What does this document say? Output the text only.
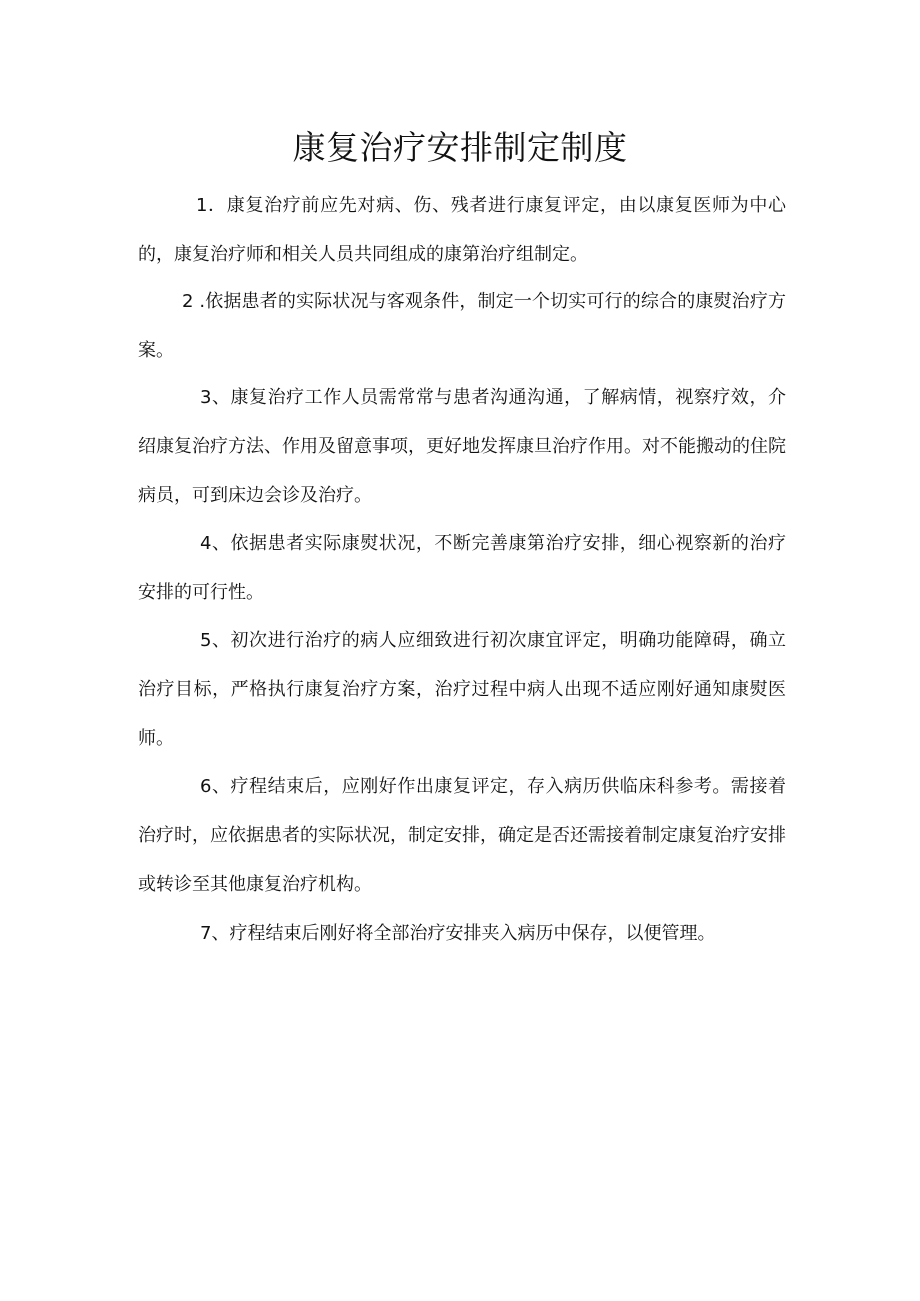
康复治疗安排制定制度

1．康复治疗前应先对病、伤、残者进行康复评定，由以康复医师为中心的，康复治疗师和相关人员共同组成的康第治疗组制定。

2 .依据患者的实际状况与客观条件，制定一个切实可行的综合的康熨治疗方案。

3、康复治疗工作人员需常常与患者沟通沟通，了解病情，视察疗效，介绍康复治疗方法、作用及留意事项，更好地发挥康旦治疗作用。对不能搬动的住院病员，可到床边会诊及治疗。

4、依据患者实际康熨状况，不断完善康第治疗安排，细心视察新的治疗安排的可行性。

5、初次进行治疗的病人应细致进行初次康宜评定，明确功能障碍，确立治疗目标，严格执行康复治疗方案，治疗过程中病人出现不适应刚好通知康熨医师。

6、疗程结束后，应刚好作出康复评定，存入病历供临床科参考。需接着治疗时，应依据患者的实际状况，制定安排，确定是否还需接着制定康复治疗安排或转诊至其他康复治疗机构。

7、疗程结束后刚好将全部治疗安排夹入病历中保存，以便管理。
